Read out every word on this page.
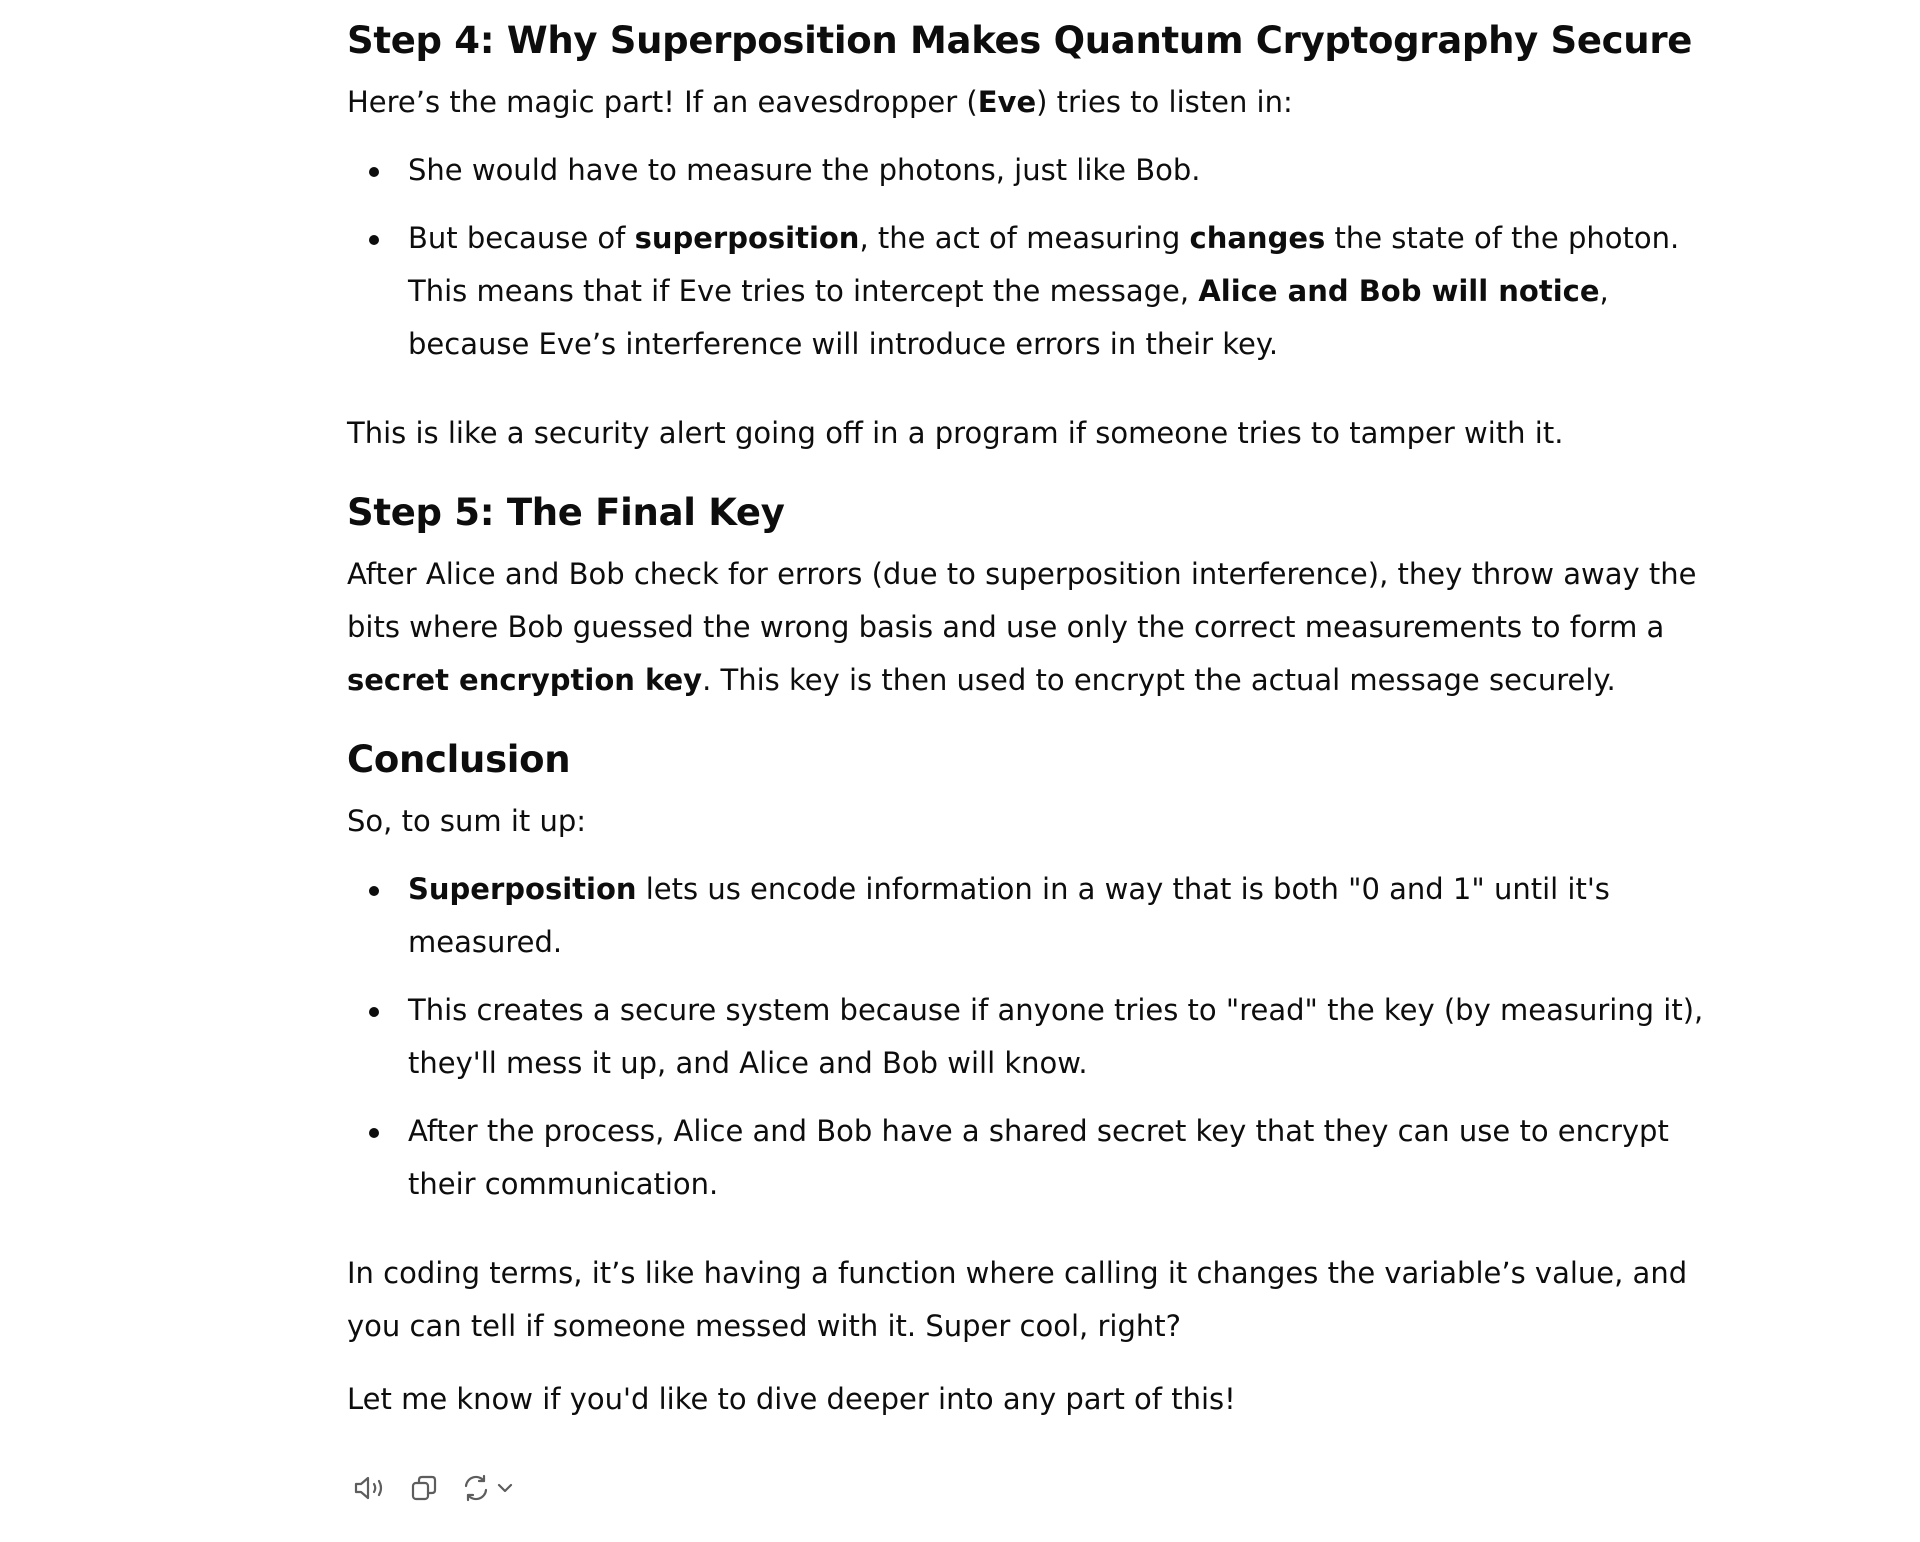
Step 4: Why Superposition Makes Quantum Cryptography Secure

Here’s the magic part! If an eavesdropper (Eve) tries to listen in:

She would have to measure the photons, just like Bob.
But because of superposition, the act of measuring changes the state of the photon. This means that if Eve tries to intercept the message, Alice and Bob will notice, because Eve’s interference will introduce errors in their key.

This is like a security alert going off in a program if someone tries to tamper with it.

Step 5: The Final Key

After Alice and Bob check for errors (due to superposition interference), they throw away the bits where Bob guessed the wrong basis and use only the correct measurements to form a secret encryption key. This key is then used to encrypt the actual message securely.

Conclusion

So, to sum it up:

Superposition lets us encode information in a way that is both "0 and 1" until it's measured.
This creates a secure system because if anyone tries to "read" the key (by measuring it), they'll mess it up, and Alice and Bob will know.
After the process, Alice and Bob have a shared secret key that they can use to encrypt their communication.

In coding terms, it’s like having a function where calling it changes the variable’s value, and you can tell if someone messed with it. Super cool, right?

Let me know if you'd like to dive deeper into any part of this!
